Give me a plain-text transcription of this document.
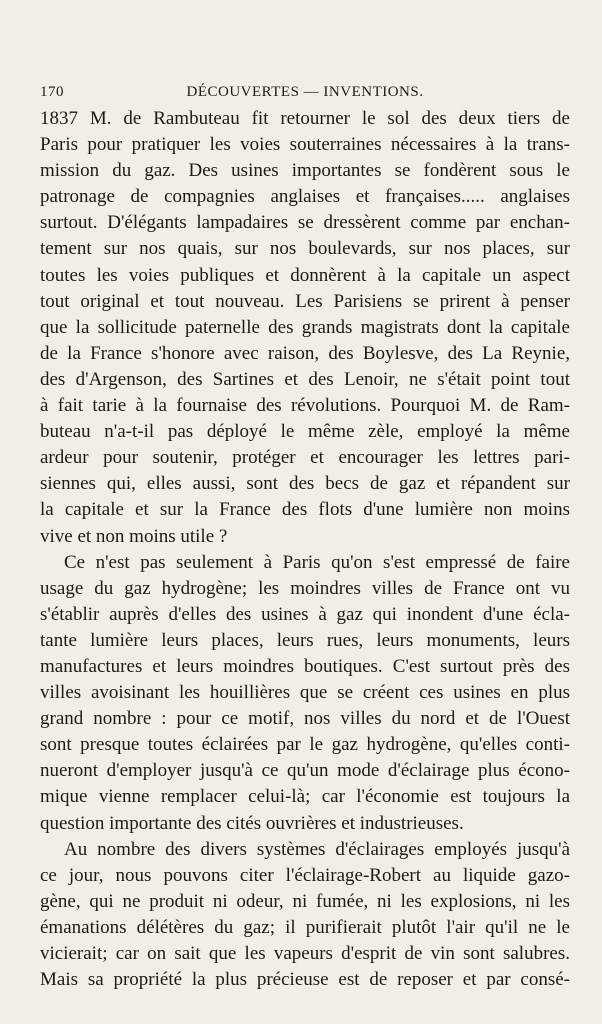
170	DÉCOUVERTES — INVENTIONS.
1837 M. de Rambuteau fit retourner le sol des deux tiers de
Paris pour pratiquer les voies souterraines nécessaires à la trans-
mission du gaz. Des usines importantes se fondèrent sous le
patronage de compagnies anglaises et françaises..... anglaises
surtout. D'élégants lampadaires se dressèrent comme par enchan-
tement sur nos quais, sur nos boulevards, sur nos places, sur
toutes les voies publiques et donnèrent à la capitale un aspect
tout original et tout nouveau. Les Parisiens se prirent à penser
que la sollicitude paternelle des grands magistrats dont la capitale
de la France s'honore avec raison, des Boylesve, des La Reynie,
des d'Argenson, des Sartines et des Lenoir, ne s'était point tout
à fait tarie à la fournaise des révolutions. Pourquoi M. de Ram-
buteau n'a-t-il pas déployé le même zèle, employé la même
ardeur pour soutenir, protéger et encourager les lettres pari-
siennes qui, elles aussi, sont des becs de gaz et répandent sur
la capitale et sur la France des flots d'une lumière non moins
vive et non moins utile ?
Ce n'est pas seulement à Paris qu'on s'est empressé de faire
usage du gaz hydrogène; les moindres villes de France ont vu
s'établir auprès d'elles des usines à gaz qui inondent d'une écla-
tante lumière leurs places, leurs rues, leurs monuments, leurs
manufactures et leurs moindres boutiques. C'est surtout près des
villes avoisinant les houillières que se créent ces usines en plus
grand nombre : pour ce motif, nos villes du nord et de l'Ouest
sont presque toutes éclairées par le gaz hydrogène, qu'elles conti-
nueront d'employer jusqu'à ce qu'un mode d'éclairage plus écono-
mique vienne remplacer celui-là; car l'économie est toujours la
question importante des cités ouvrières et industrieuses.
Au nombre des divers systèmes d'éclairages employés jusqu'à
ce jour, nous pouvons citer l'éclairage-Robert au liquide gazo-
gène, qui ne produit ni odeur, ni fumée, ni les explosions, ni les
émanations délétères du gaz; il purifierait plutôt l'air qu'il ne le
vicierait; car on sait que les vapeurs d'esprit de vin sont salubres.
Mais sa propriété la plus précieuse est de reposer et par consé-
